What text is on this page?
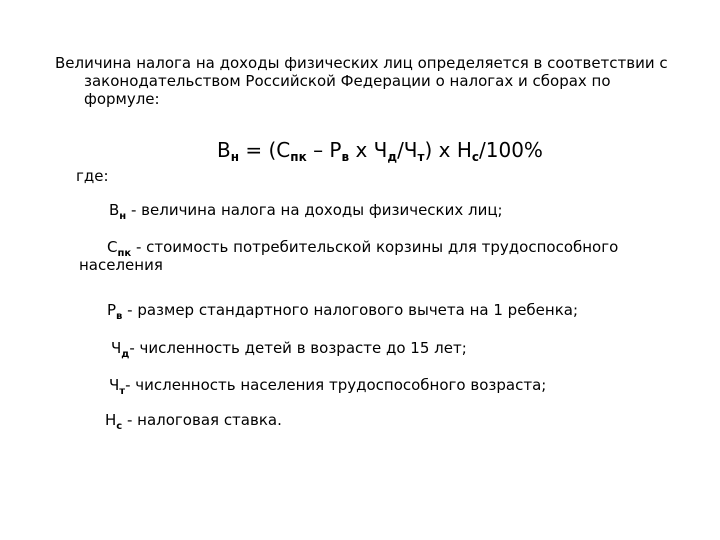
Величина налога на доходы физических лиц определяется в соответствии с
законодательством Российской Федерации о налогах и сборах по
формуле:
$В_н = (С_{пк} - Р_в$ х $Ч_д/Ч_т$) х $Н_с/100\%$
где:
$В_н$ - величина налога на доходы физических лиц;
$С_{пк}$ - стоимость потребительской корзины для трудоспособного
населения
$Р_в$ - размер стандартного налогового вычета на 1 ребенка;
$Ч_д-$ численность детей в возрасте до 15 лет;
$Ч_т-$ численность населения трудоспособного возраста;
$Н_с$ - налоговая ставка.
